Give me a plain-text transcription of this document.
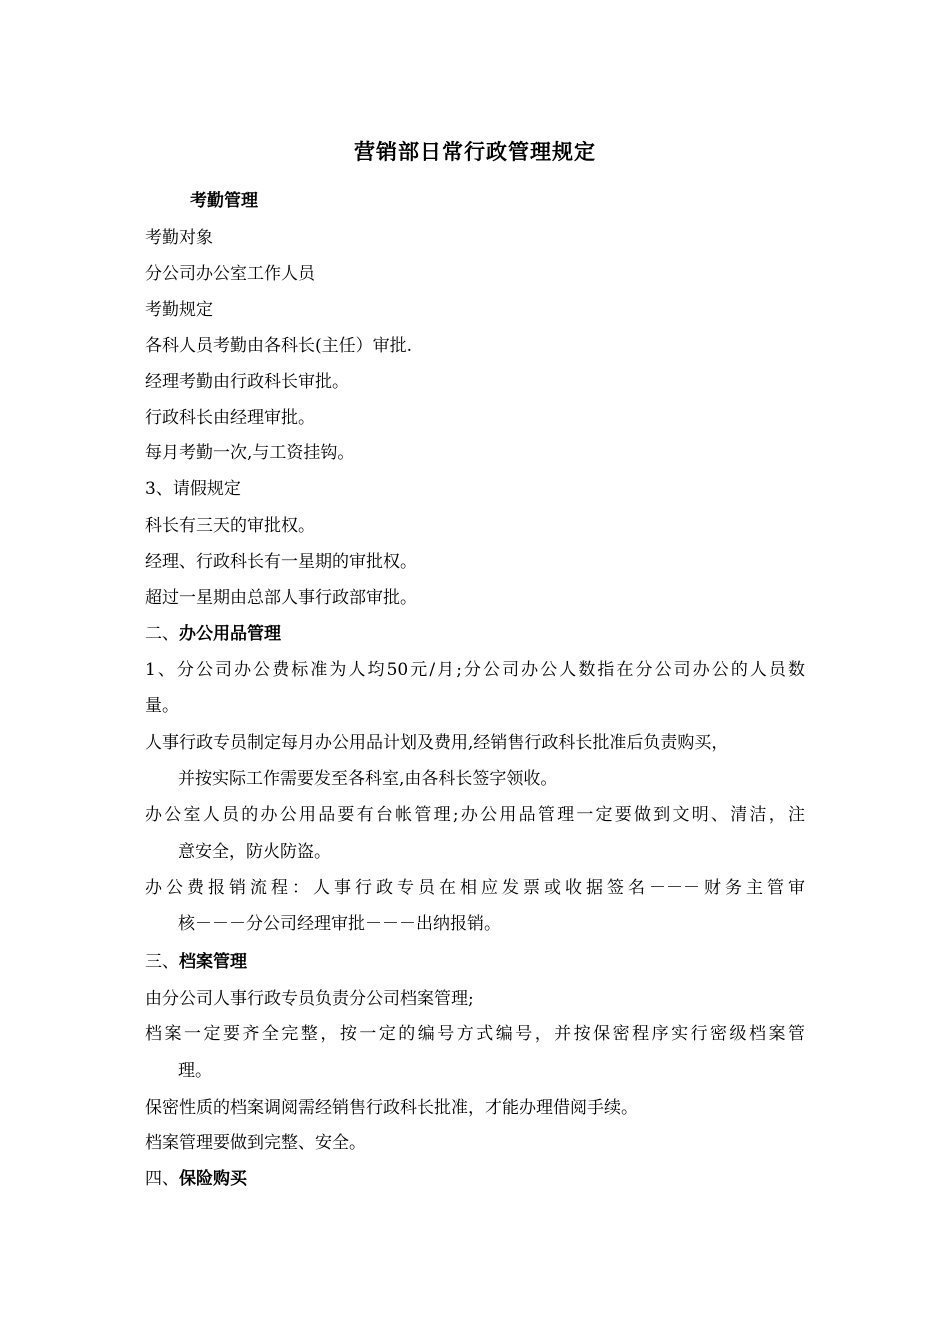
营销部日常行政管理规定
考勤管理
考勤对象
分公司办公室工作人员
考勤规定
各科人员考勤由各科长(主任）审批.
经理考勤由行政科长审批。
行政科长由经理审批。
每月考勤一次,与工资挂钩。
3、请假规定
科长有三天的审批权。
经理、行政科长有一星期的审批权。
超过一星期由总部人事行政部审批。
二、办公用品管理
1、分公司办公费标准为人均50元/月;分公司办公人数指在分公司办公的人员数
量。
人事行政专员制定每月办公用品计划及费用,经销售行政科长批准后负责购买，
并按实际工作需要发至各科室,由各科长签字领收。
办公室人员的办公用品要有台帐管理;办公用品管理一定要做到文明、清洁，注
意安全，防火防盗。
办公费报销流程：人事行政专员在相应发票或收据签名－－－财务主管审
核－－－分公司经理审批－－－出纳报销。
三、档案管理
由分公司人事行政专员负责分公司档案管理;
档案一定要齐全完整，按一定的编号方式编号，并按保密程序实行密级档案管
理。
保密性质的档案调阅需经销售行政科长批准，才能办理借阅手续。
档案管理要做到完整、安全。
四、保险购买
